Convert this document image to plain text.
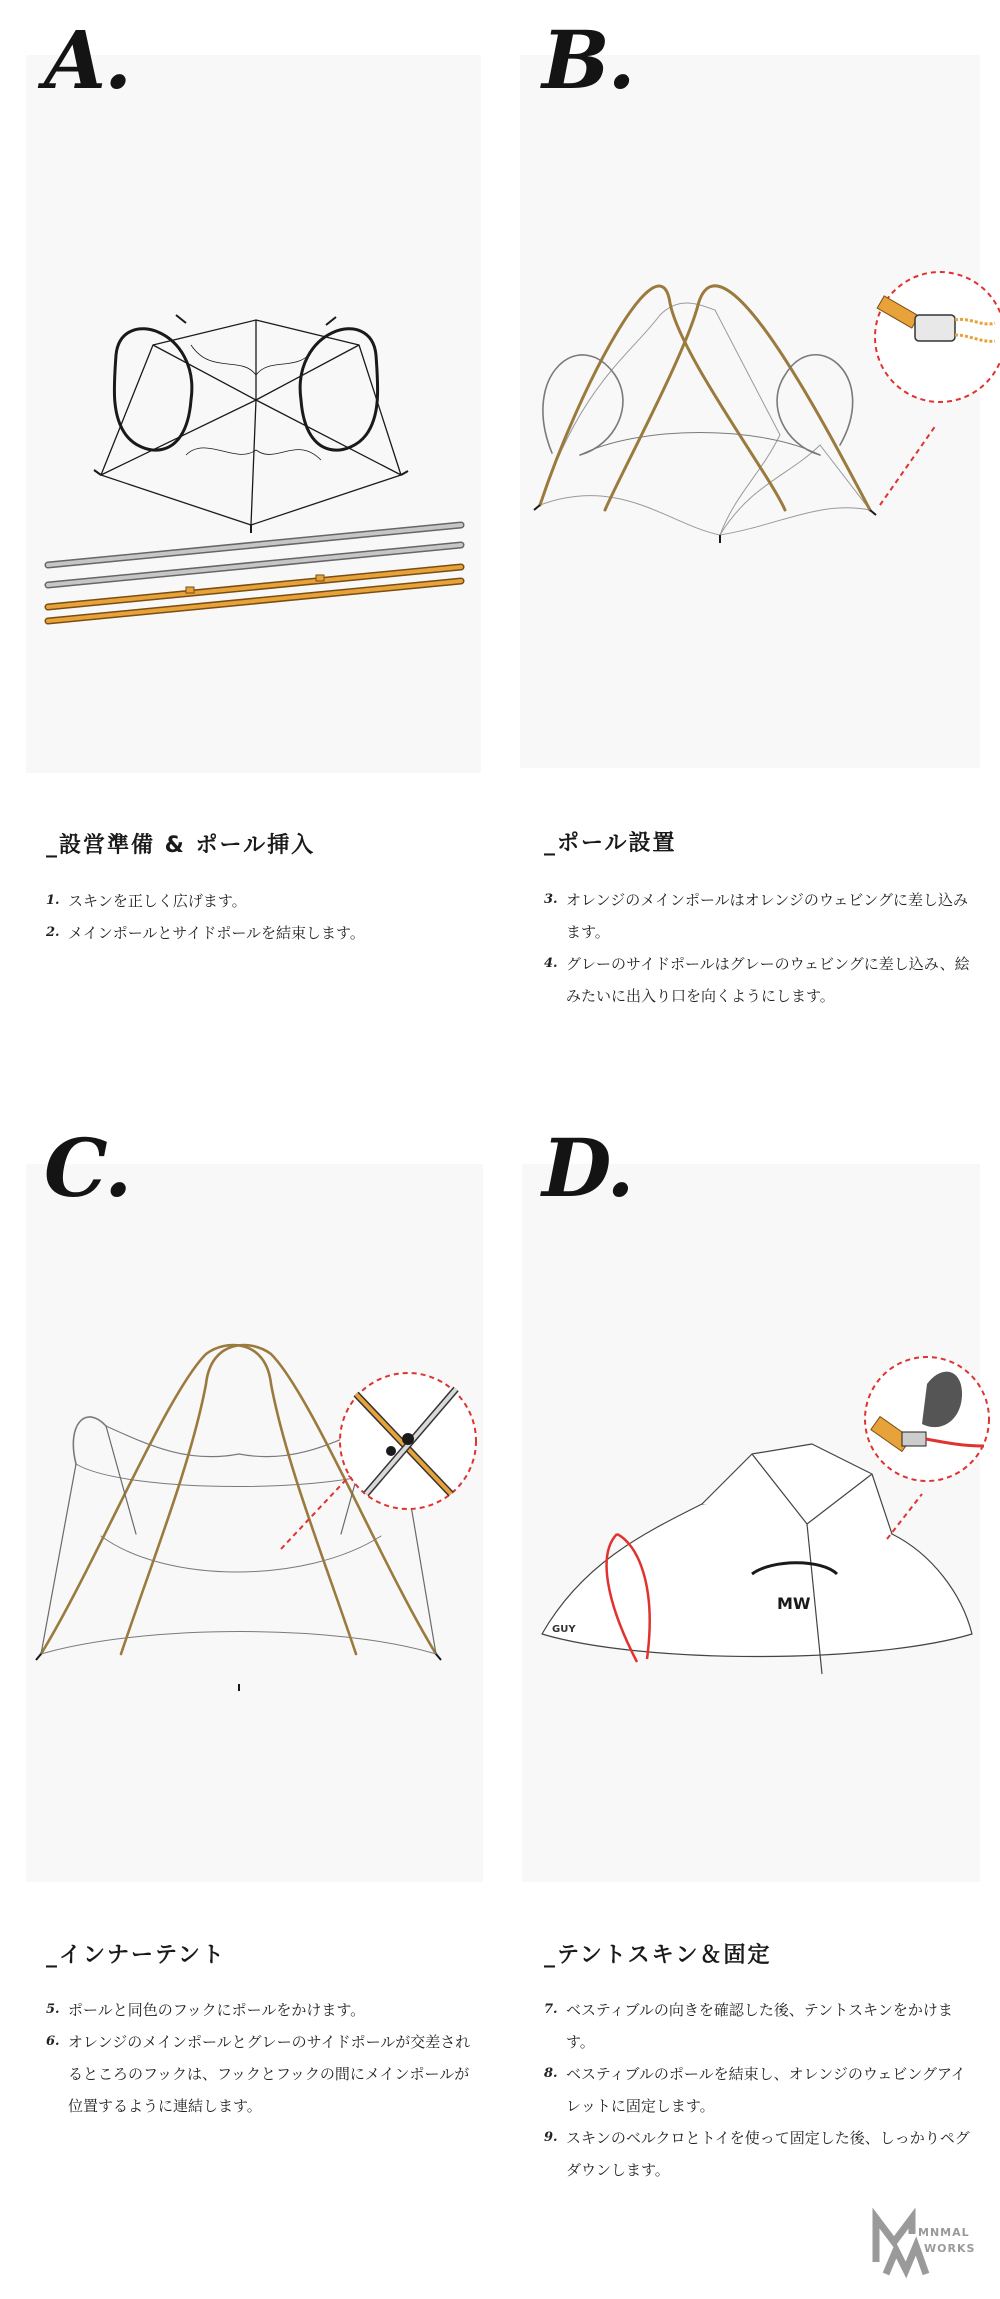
A.	B.
C.	D.
MW
GUY
_設営準備 & ポール挿入	_ポール設置
_インナーテント	_テントスキン＆固定
1. スキンを正しく広げます。
2. メインポールとサイドポールを結束します。
3. オレンジのメインポールはオレンジのウェビングに差し込みます。
4. グレーのサイドポールはグレーのウェビングに差し込み、絵みたいに出入り口を向くようにします。
5. ポールと同色のフックにポールをかけます。
6. オレンジのメインポールとグレーのサイドポールが交差されるところのフックは、フックとフックの間にメインポールが位置するように連結します。
7. ベスティブルの向きを確認した後、テントスキンをかけます。
8. ベスティブルのポールを結束し、オレンジのウェビングアイレットに固定します。
9. スキンのベルクロとトイを使って固定した後、しっかりペグダウンします。
MNMAL
WORKS
